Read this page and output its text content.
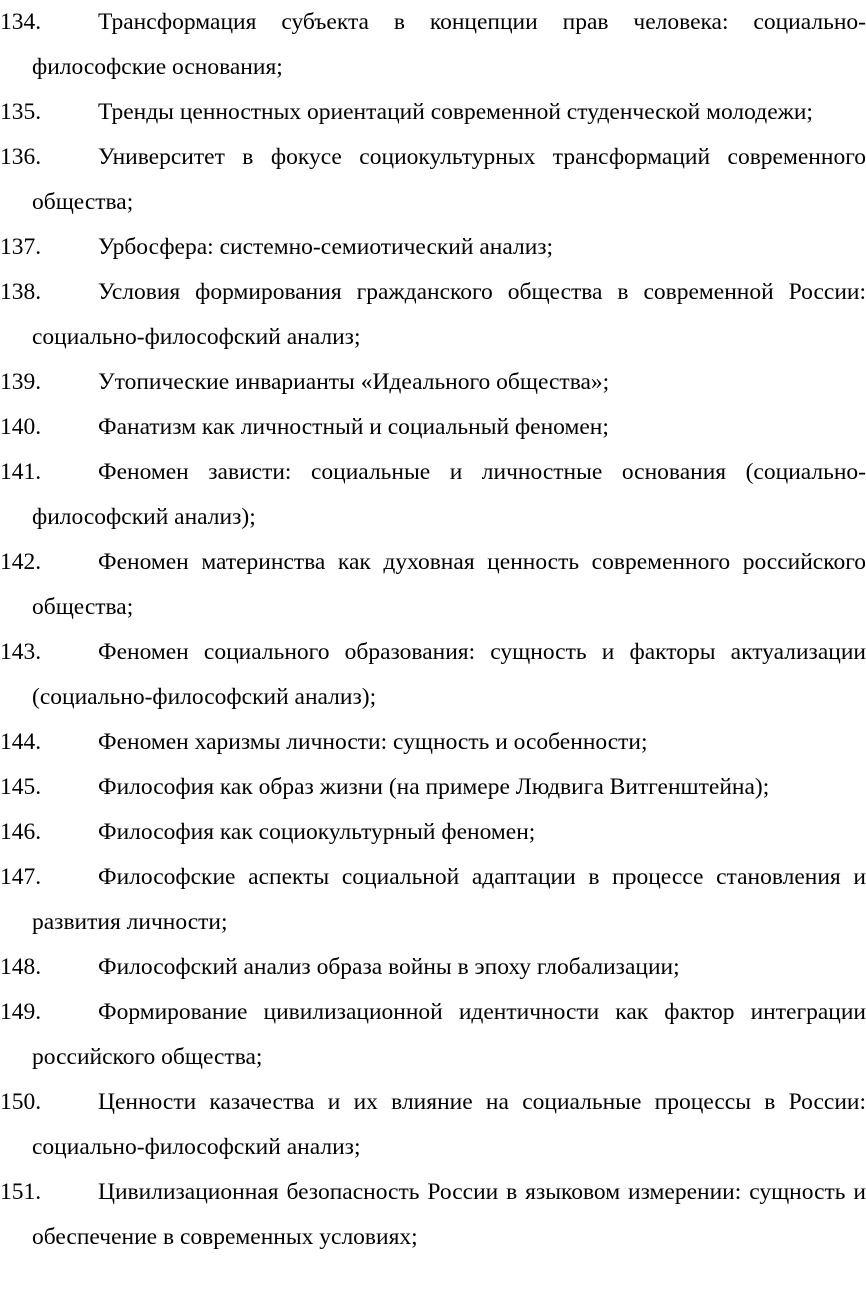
134. Трансформация субъекта в концепции прав человека: социально-философские основания;
135. Тренды ценностных ориентаций современной студенческой молодежи;
136. Университет в фокусе социокультурных трансформаций современного общества;
137. Урбосфера: системно-семиотический анализ;
138. Условия формирования гражданского общества в современной России: социально-философский анализ;
139. Утопические инварианты «Идеального общества»;
140. Фанатизм как личностный и социальный феномен;
141. Феномен зависти: социальные и личностные основания (социально-философский анализ);
142. Феномен материнства как духовная ценность современного российского общества;
143. Феномен социального образования: сущность и факторы актуализации (социально-философский анализ);
144. Феномен харизмы личности: сущность и особенности;
145. Философия как образ жизни (на примере Людвига Витгенштейна);
146. Философия как социокультурный феномен;
147. Философские аспекты социальной адаптации в процессе становления и развития личности;
148. Философский анализ образа войны в эпоху глобализации;
149. Формирование цивилизационной идентичности как фактор интеграции российского общества;
150. Ценности казачества и их влияние на социальные процессы в России: социально-философский анализ;
151. Цивилизационная безопасность России в языковом измерении: сущность и обеспечение в современных условиях;
